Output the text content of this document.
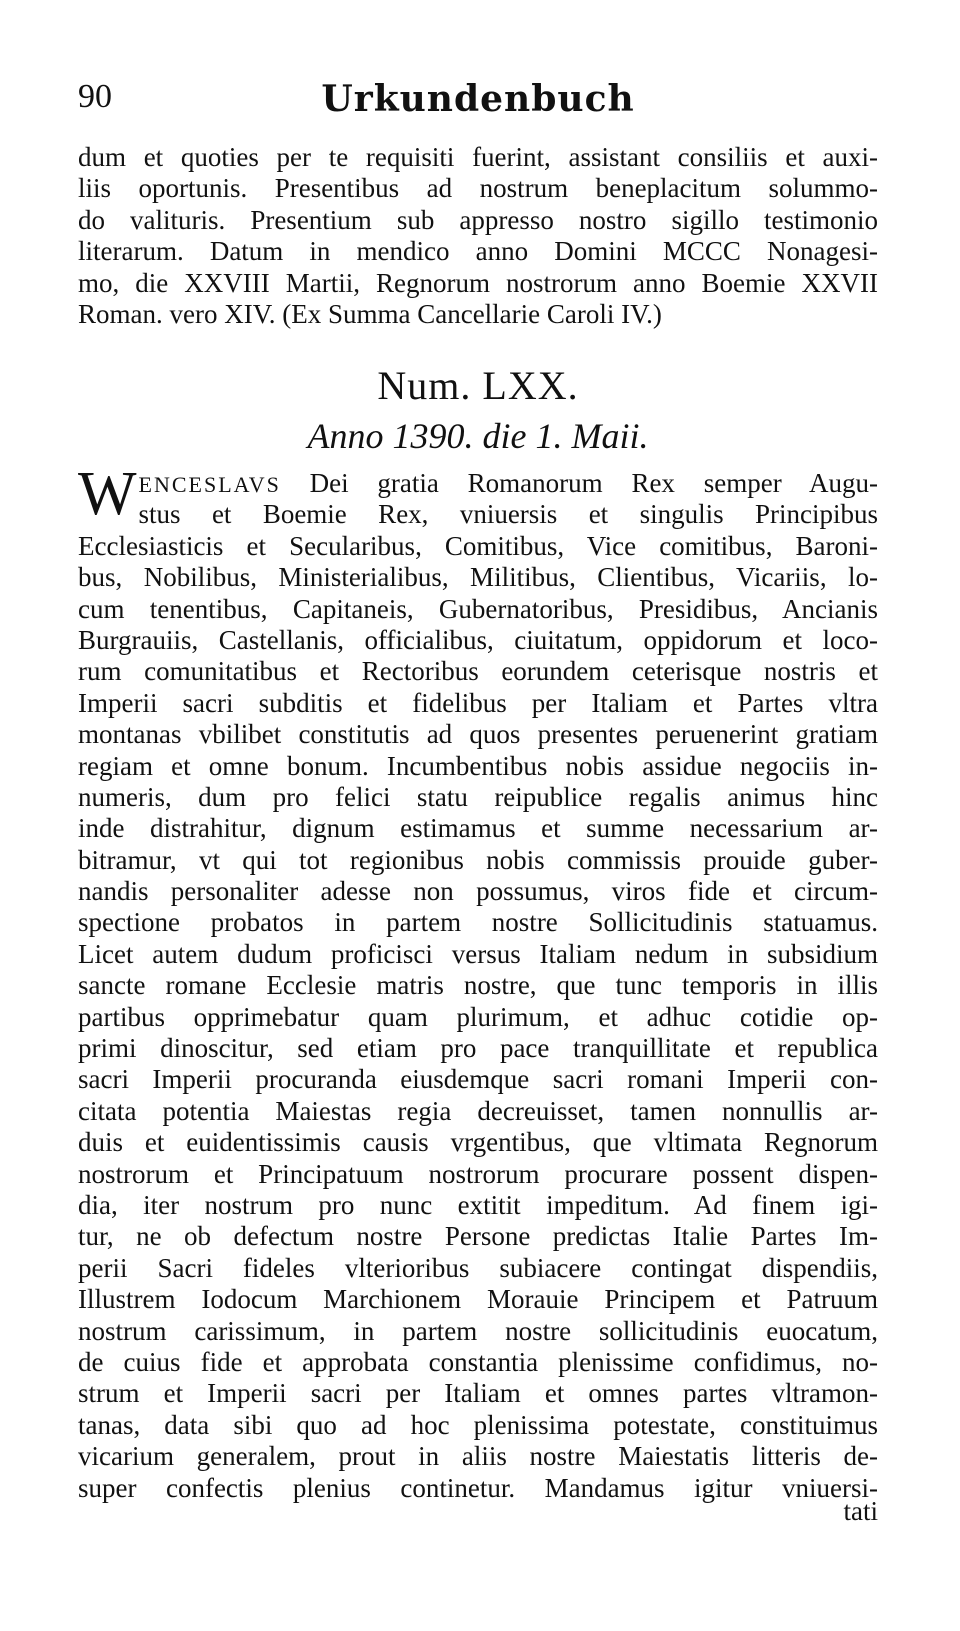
90	Urkundenbuch
dum et quoties per te requisiti fuerint, assistant consiliis et auxi-
liis oportunis. Presentibus ad nostrum beneplacitum solummo-
do valituris. Presentium sub appresso nostro sigillo testimonio
literarum. Datum in mendico anno Domini MCCC Nonagesi-
mo, die XXVIII Martii, Regnorum nostrorum anno Boemie XXVII
Roman. vero XIV. (Ex Summa Cancellarie Caroli IV.)
Num. LXX.
Anno 1390. die 1. Maii.
W ENCESLAVS Dei gratia Romanorum Rex semper Augu-
stus et Boemie Rex, vniuersis et singulis Principibus
Ecclesiasticis et Secularibus, Comitibus, Vice comitibus, Baroni-
bus, Nobilibus, Ministerialibus, Militibus, Clientibus, Vicariis, lo-
cum tenentibus, Capitaneis, Gubernatoribus, Presidibus, Ancianis
Burgrauiis, Castellanis, officialibus, ciuitatum, oppidorum et loco-
rum comunitatibus et Rectoribus eorundem ceterisque nostris et
Imperii sacri subditis et fidelibus per Italiam et Partes vltra
montanas vbilibet constitutis ad quos presentes peruenerint gratiam
regiam et omne bonum. Incumbentibus nobis assidue negociis in-
numeris, dum pro felici statu reipublice regalis animus hinc
inde distrahitur, dignum estimamus et summe necessarium ar-
bitramur, vt qui tot regionibus nobis commissis prouide guber-
nandis personaliter adesse non possumus, viros fide et circum-
spectione probatos in partem nostre Sollicitudinis statuamus.
Licet autem dudum proficisci versus Italiam nedum in subsidium
sancte romane Ecclesie matris nostre, que tunc temporis in illis
partibus opprimebatur quam plurimum, et adhuc cotidie op-
primi dinoscitur, sed etiam pro pace tranquillitate et republica
sacri Imperii procuranda eiusdemque sacri romani Imperii con-
citata potentia Maiestas regia decreuisset, tamen nonnullis ar-
duis et euidentissimis causis vrgentibus, que vltimata Regnorum
nostrorum et Principatuum nostrorum procurare possent dispen-
dia, iter nostrum pro nunc extitit impeditum. Ad finem igi-
tur, ne ob defectum nostre Persone predictas Italie Partes Im-
perii Sacri fideles vlterioribus subiacere contingat dispendiis,
Illustrem Iodocum Marchionem Morauie Principem et Patruum
nostrum carissimum, in partem nostre sollicitudinis euocatum,
de cuius fide et approbata constantia plenissime confidimus, no-
strum et Imperii sacri per Italiam et omnes partes vltramon-
tanas, data sibi quo ad hoc plenissima potestate, constituimus
vicarium generalem, prout in aliis nostre Maiestatis litteris de-
super confectis plenius continetur. Mandamus igitur vniuersi-
tati
